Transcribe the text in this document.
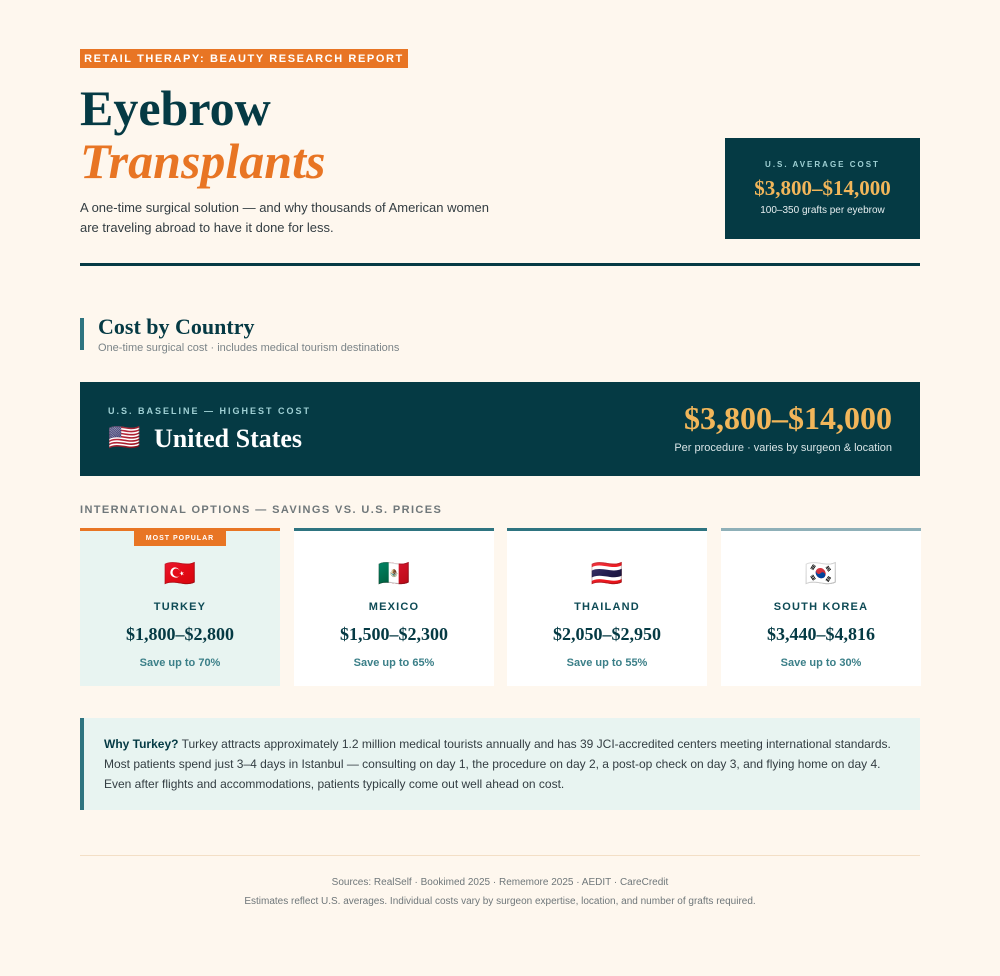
RETAIL THERAPY: BEAUTY RESEARCH REPORT
Eyebrow
Transplants
A one-time surgical solution — and why thousands of American women are traveling abroad to have it done for less.
U.S. AVERAGE COST
$3,800–$14,000
100–350 grafts per eyebrow
Cost by Country
One-time surgical cost · includes medical tourism destinations
U.S. BASELINE — HIGHEST COST
🇺🇸 United States
$3,800–$14,000
Per procedure · varies by surgeon & location
INTERNATIONAL OPTIONS — SAVINGS VS. U.S. PRICES
MOST POPULAR
🇹🇷
TURKEY
$1,800–$2,800
Save up to 70%
🇲🇽
MEXICO
$1,500–$2,300
Save up to 65%
🇹🇭
THAILAND
$2,050–$2,950
Save up to 55%
🇰🇷
SOUTH KOREA
$3,440–$4,816
Save up to 30%
Why Turkey? Turkey attracts approximately 1.2 million medical tourists annually and has 39 JCI-accredited centers meeting international standards. Most patients spend just 3–4 days in Istanbul — consulting on day 1, the procedure on day 2, a post-op check on day 3, and flying home on day 4. Even after flights and accommodations, patients typically come out well ahead on cost.
Sources: RealSelf · Bookimed 2025 · Rememore 2025 · AEDIT · CareCredit
Estimates reflect U.S. averages. Individual costs vary by surgeon expertise, location, and number of grafts required.
